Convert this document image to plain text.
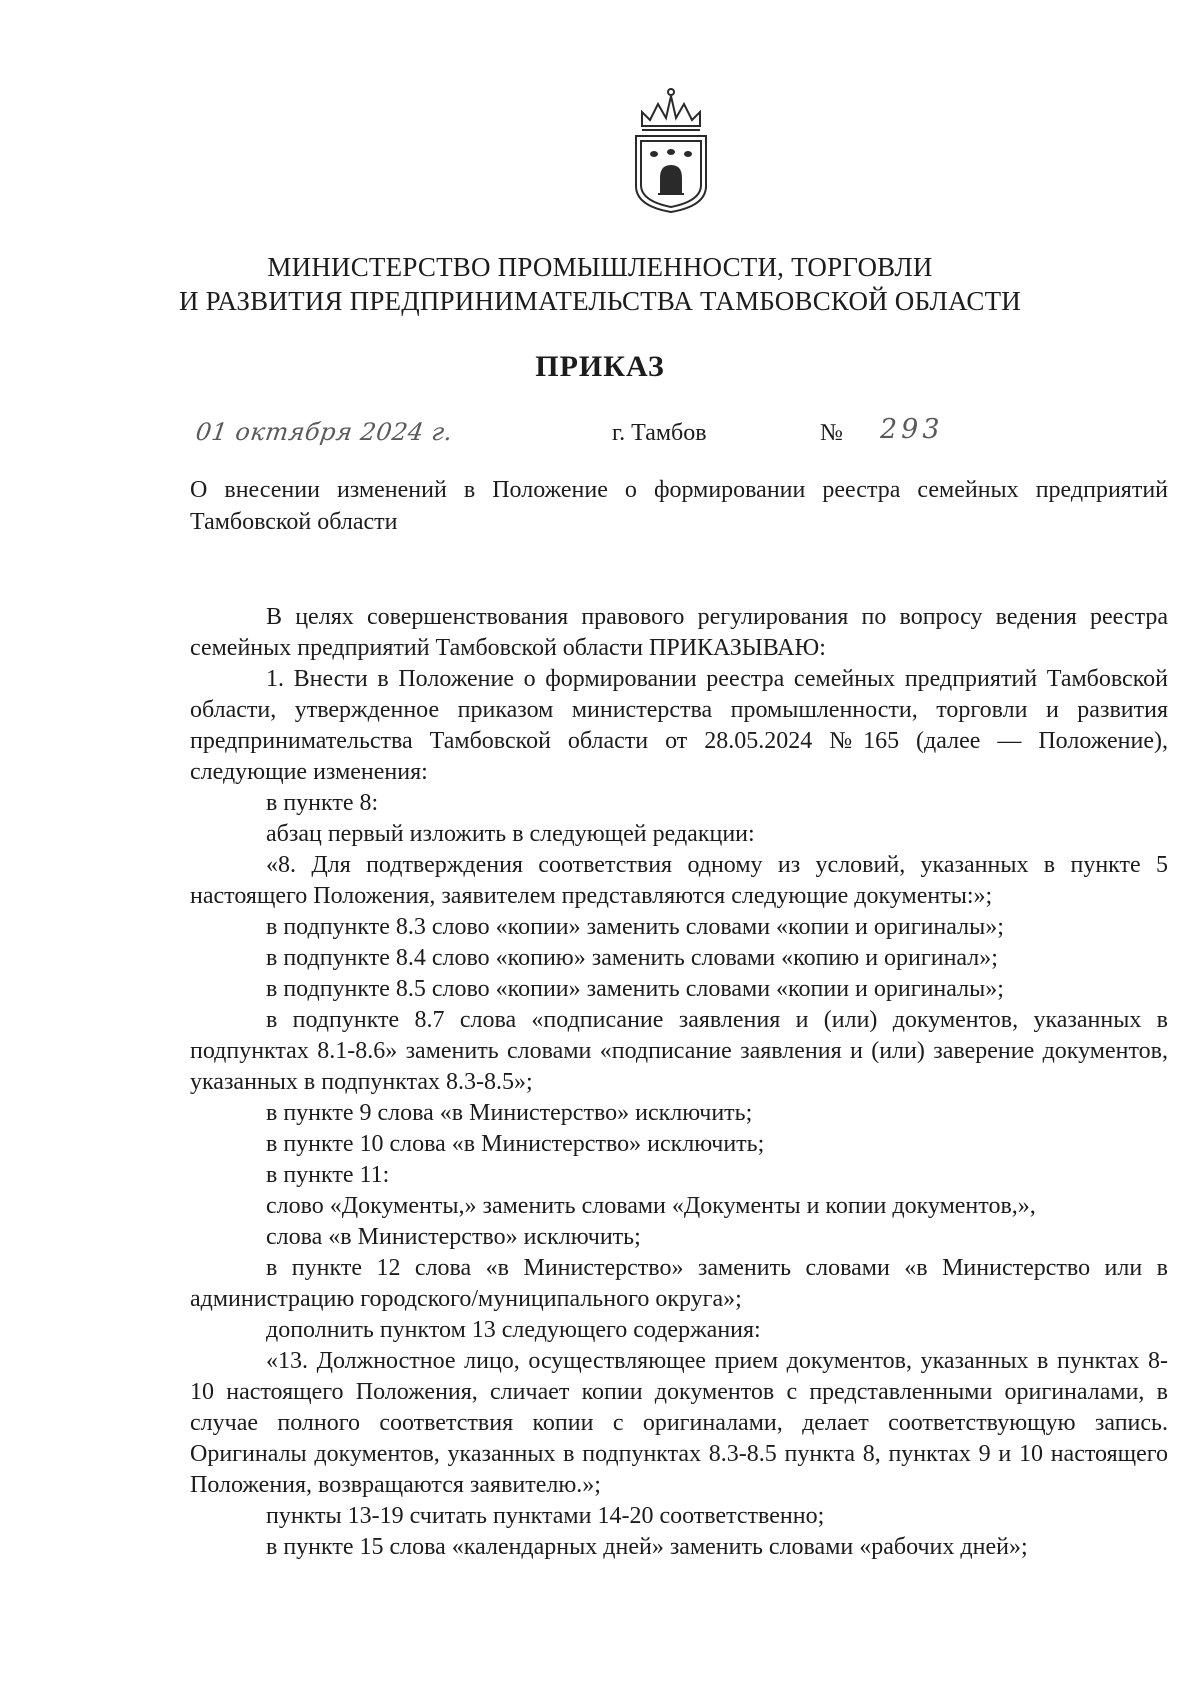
МИНИСТЕРСТВО ПРОМЫШЛЕННОСТИ, ТОРГОВЛИ
И РАЗВИТИЯ ПРЕДПРИНИМАТЕЛЬСТВА ТАМБОВСКОЙ ОБЛАСТИ
ПРИКАЗ
01 октября 2024 г.	г. Тамбов	№ 293
О внесении изменений в Положение о формировании реестра семейных предприятий Тамбовской области

В целях совершенствования правового регулирования по вопросу ведения реестра семейных предприятий Тамбовской области ПРИКАЗЫВАЮ:

1. Внести в Положение о формировании реестра семейных предприятий Тамбовской области, утвержденное приказом министерства промышленности, торговли и развития предпринимательства Тамбовской области от 28.05.2024 №165 (далее — Положение), следующие изменения:

в пункте 8:

абзац первый изложить в следующей редакции:

«8. Для подтверждения соответствия одному из условий, указанных в пункте 5 настоящего Положения, заявителем представляются следующие документы:»;

в подпункте 8.3 слово «копии» заменить словами «копии и оригиналы»;

в подпункте 8.4 слово «копию» заменить словами «копию и оригинал»;

в подпункте 8.5 слово «копии» заменить словами «копии и оригиналы»;

в подпункте 8.7 слова «подписание заявления и (или) документов, указанных в подпунктах 8.1-8.6» заменить словами «подписание заявления и (или) заверение документов, указанных в подпунктах 8.3-8.5»;

в пункте 9 слова «в Министерство» исключить;

в пункте 10 слова «в Министерство» исключить;

в пункте 11:

слово «Документы,» заменить словами «Документы и копии документов,»,

слова «в Министерство» исключить;

в пункте 12 слова «в Министерство» заменить словами «в Министерство или в администрацию городского/муниципального округа»;

дополнить пунктом 13 следующего содержания:

«13. Должностное лицо, осуществляющее прием документов, указанных в пунктах 8-10 настоящего Положения, сличает копии документов с представленными оригиналами, в случае полного соответствия копии с оригиналами, делает соответствующую запись. Оригиналы документов, указанных в подпунктах 8.3-8.5 пункта 8, пунктах 9 и 10 настоящего Положения, возвращаются заявителю.»;

пункты 13-19 считать пунктами 14-20 соответственно;

в пункте 15 слова «календарных дней» заменить словами «рабочих дней»;
